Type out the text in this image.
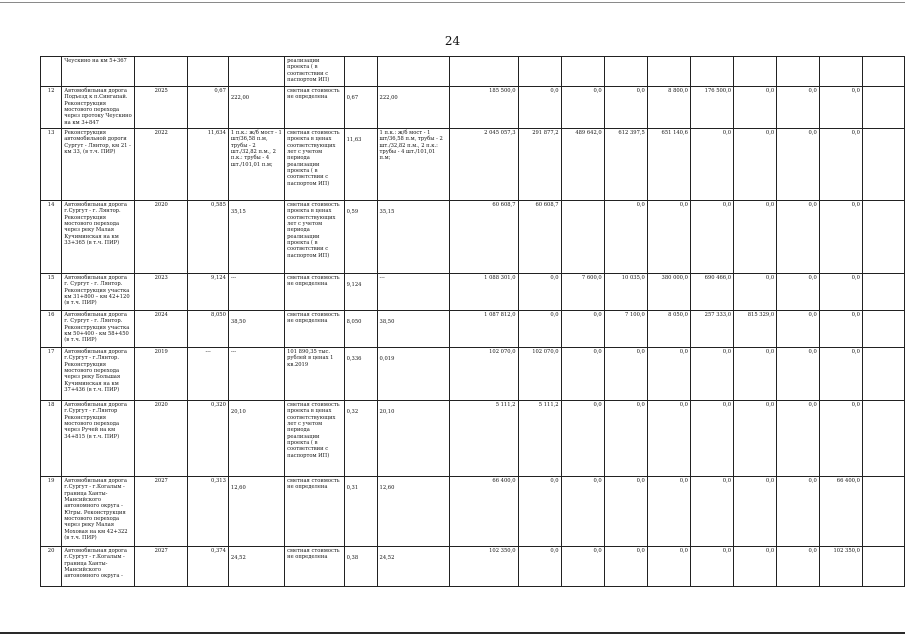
24
	Чеускино на км 5+367				реализации проекта ( в соответствии с паспортом ИП)												
12	Автомобильная дорога Подъезд к п.Сингапай. Реконструкция мостового перехода через протоку Чеускино на км 3+847	2025	0,67	222,00	сметная стоимость не определена	0,67	222,00	185 500,0	0,0	0,0	0,0	8 800,0	176 500,0	0,0	0,0	0,0	
13	Реконструкция автомобильной дороги Сургут - Лянтор, км 21 - км 33, (в т.ч. ПИР)	2022	11,634	1 п.к.: ж/б мост - 1 шт/36,58 п.м, трубы - 2 шт./32,82 п.м., 2 п.к.: трубы - 4 шт./101,01 п.м;	сметная стоимость проекта в ценах соответствующих лет с учетом периода реализации проекта ( в соответствии с паспортом ИП)	11,63	1 п.к.: ж/б мост - 1 шт/36,58 п.м, трубы - 2 шт./32,82 п.м., 2 п.к.: трубы - 4 шт./101,01 п.м;	2 045 057,3	291 877,2	489 642,0	612 397,5	651 140,6	0,0	0,0	0,0	0,0	
14	Автомобильная дорога г.Сургут - г. Лянтор. Реконструкция мостового перехода через реку Малая Кучиминская на км 33+365 (в т.ч. ПИР)	2020	0,585	35,15	сметная стоимость проекта в ценах соответствующих лет с учетом периода реализации проекта ( в соответствии с паспортом ИП)	0,59	35,15	60 608,7	60 608,7		0,0	0,0	0,0	0,0	0,0	0,0	
15	Автомобильная дорога г. Сургут - г. Лянтор. Реконструкция участка км 31+800 – км 42+120 (в т.ч. ПИР)	2023	9,124	---	сметная стоимость не определена	9,124	---	1 088 301,0	0,0	7 600,0	10 035,0	380 000,0	690 466,0	0,0	0,0	0,0	
16	Автомобильная дорога г. Сургут - г. Лянтор. Реконструкция участка км 50+400 - км 58+450 (в т.ч. ПИР)	2024	8,050	38,50	сметная стоимость не определена	8,050	38,50	1 087 812,0	0,0	0,0	7 100,0	8 050,0	257 333,0	815 329,0	0,0	0,0	
17	Автомобильная дорога г.Сургут - г.Лянтор. Реконструкция мостового перехода через реку Большая Кучиминская на км 37+436 (в т.ч. ПИР)	2019	---	---	101 890,35 тыс. рублей в ценах 1 кв.2019	0,336	0,019	102 070,0	102 070,0	0,0	0,0	0,0	0,0	0,0	0,0	0,0	
18	Автомобильная дорога г.Сургут - г.Лянтор Реконструкция мостового перехода через Ручей на км 34+815 (в т.ч. ПИР)	2020	0,320	20,10	сметная стоимость проекта в ценах соответствующих лет с учетом периода реализации проекта ( в соответствии с паспортом ИП)	0,32	20,10	5 111,2	5 111,2	0,0	0,0	0,0	0,0	0,0	0,0	0,0	
19	Автомобильная дорога г.Сургут - г.Когалым - граница Ханты-Мансийского автономного округа - Югры. Реконструкция мостового перехода через реку Малая Моховая на км 42+322 (в т.ч. ПИР)	2027	0,313	12,60	сметная стоимость не определена	0,31	12,60	66 400,0	0,0	0,0	0,0	0,0	0,0	0,0	0,0	66 400,0	
20	Автомобильная дорога г.Сургут - г.Когалым - граница Ханты-Мансийского автономного округа -	2027	0,374	24,52	сметная стоимость не определена	0,38	24,52	102 350,0	0,0	0,0	0,0	0,0	0,0	0,0	0,0	102 350,0	
